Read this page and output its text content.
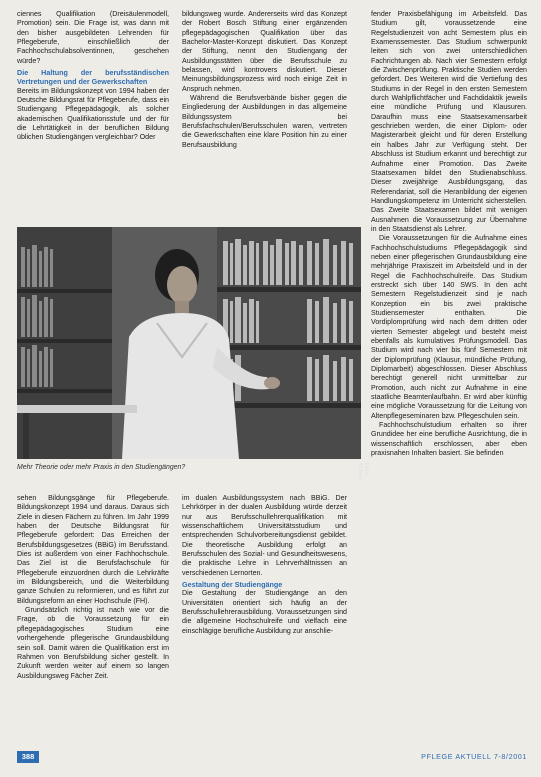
ciennes Qualifikation (Dreisäulenmodell, Promotion) sein. Die Frage ist, was dann mit den bisher ausgebildeten Lehrenden für Pflegeberufe, einschließlich der Fachhochschulabsolventinnen, geschehen würde?

Die Haltung der berufsständischen Vertretungen und der Gewerkschaften

Bereits im Bildungskonzept von 1994 haben der Deutsche Bildungsrat für Pflegeberufe, dass ein Studiengang Pflegepädagogik, als solcher akademischen Qualifikationsstufe und der für die Lehrtätigkeit in der beruflichen Bildung üblichen Studiengängen vergleichbar? Oder

bildungsweg wurde. Andererseits wird das Konzept der Robert Bosch Stiftung einer ergänzenden pflegepädagogischen Qualifikation über das Bachelor-Master-Konzept diskutiert. Das Konzept der Stiftung, nennt den Studiengang der Ausbildungsstätten über die Berufsschule zu belassen, wird kontrovers diskutiert. Dieser Meinungsbildungsprozess wird noch einige Zeit in Anspruch nehmen.

Während die Berufsverbände bisher gegen die Eingliederung der Ausbildungen in das allgemeine Bildungssystem bei Berufsfachschulen/Berufsschulen waren, vertreten die Gewerkschaften eine klare Position hin zu einer Berufsausbildung

fender Praxisbefähigung im Arbeitsfeld. Das Studium gilt, voraussetzende eine Regelstudienzeit von acht Semestern plus ein Examenssemester. Das Studium schwerpunkt leiten sich von zwei unterschiedlichen Fachrichtungen ab. Nach vier Semestern erfolgt die Zwischenprüfung. Praktische Studien werden gefordert. Des Weiteren wird die Vertiefung des Studiums in der Regel in den ersten Semestern durch Wahlpflichtfächer und Fachdidaktik jeweils eine mündliche Prüfung und Klausuren. Daraufhin muss eine Staatsexamensarbeit geschrieben werden, die einer Diplom- oder Magisterarbeit gleicht und für deren Erstellung ein halbes Jahr zur Verfügung steht. Der Abschluss ist Studium erkannt und berechtigt zur Aufnahme einer Promotion. Das Zweite Staatsexamen bildet den Studienabschluss. Dieser zweijährige Ausbildungsgang, das Referendariat, soll die Heranbildung der eigenen Handlungskompetenz im Unterricht sicherstellen. Das Zweite Staatsexamen bildet mit wenigen Ausnahmen die Voraussetzung zur Übernahme in den Staatsdienst als Lehrer.

Die Voraussetzungen für die Aufnahme eines Fachhochschulstudiums Pflegepädagogik sind neben einer pflegerischen Grundausbildung eine mehrjährige Praxiszeit im Arbeitsfeld und in der Regel die Fachhochschulreife. Das Studium erstreckt sich über 140 SWS. In den acht Semestern Regelstudienzeit sind je nach Konzeption ein bis zwei praktische Studiensemester enthalten. Die Vordiplomprüfung wird nach dem dritten oder vierten Semester abgelegt und besteht meist ebenfalls als kumulatives Prüfungsmodell. Das Studium wird nach vier bis fünf Semestern mit der Diplomprüfung (Klausur, mündliche Prüfung, Diplomarbeit) abgeschlossen. Dieser Abschluss berechtigt generell nicht unmittelbar zur Promotion, auch nicht zur Aufnahme in eine staatliche Beamtenlaufbahn. Er wird aber künftig eine mögliche Voraussetzung für die Leitung von Altenpflegeseminaren bzw. Pflegeschulen sein.

Fachhochschulstudium erhalten so ihrer Grundidee her eine berufliche Ausrichtung, die in wissenschaftlich erschlossen, aber eben praxisnahen Inhalten basiert. Sie befinden

Foto: Kuhnle
Mehr Theorie oder mehr Praxis in den Studiengängen?

sehen Bildungsgänge für Pflegeberufe. Bildungskonzept 1994 und daraus. Daraus sich Ziele in diesen Fächern zu führen. Im Jahr 1999 haben der Deutsche Bildungsrat für Pflegeberufe gefordert: Das Erreichen der Berufsbildungsgesetzes (BBiG) im Berufsstand. Dies ist außerdem von einer Fachhochschule. Das Ziel ist die Berufsfachschule für Pflegeberufe einzuordnen durch die Lehrkräfte im Bildungsbereich, und die Weiterbildung ganze Schulen zu reformieren, und es führt zur Bildungsreform an einer Hochschule (FH).

Grundsätzlich richtig ist nach wie vor die Frage, ob die Voraussetzung für ein pflegepädagogisches Studium eine vorhergehende pflegerische Grundausbildung sein soll. Damit wären die Qualifikation erst im Rahmen von Berufsbildung sicher gestellt. In Zukunft werden weiter auf einem so langen Ausbildungsweg Fächer Zeit.

im dualen Ausbildungssystem nach BBiG. Der Lehrkörper in der dualen Ausbildung würde derzeit nur aus Berufsschullehrerqualifikation mit wissenschaftlichem Universitätsstudium und entsprechenden Schulvorbereitungsdienst gebildet. Die theoretische Ausbildung erfolgt an Berufsschulen des Sozial- und Gesundheitswesens, die praktische Lehre in Lehrverhältnissen an verschiedenen Lernorten.

Gestaltung der Studiengänge

Die Gestaltung der Studiengänge an den Universitäten orientiert sich häufig an der Berufsschullehrerausbildung. Voraussetzungen sind die allgemeine Hochschulreife und vielfach eine einschlägige berufliche Ausbildung zur anschlie-

388	PFLEGE AKTUELL 7-8/2001
